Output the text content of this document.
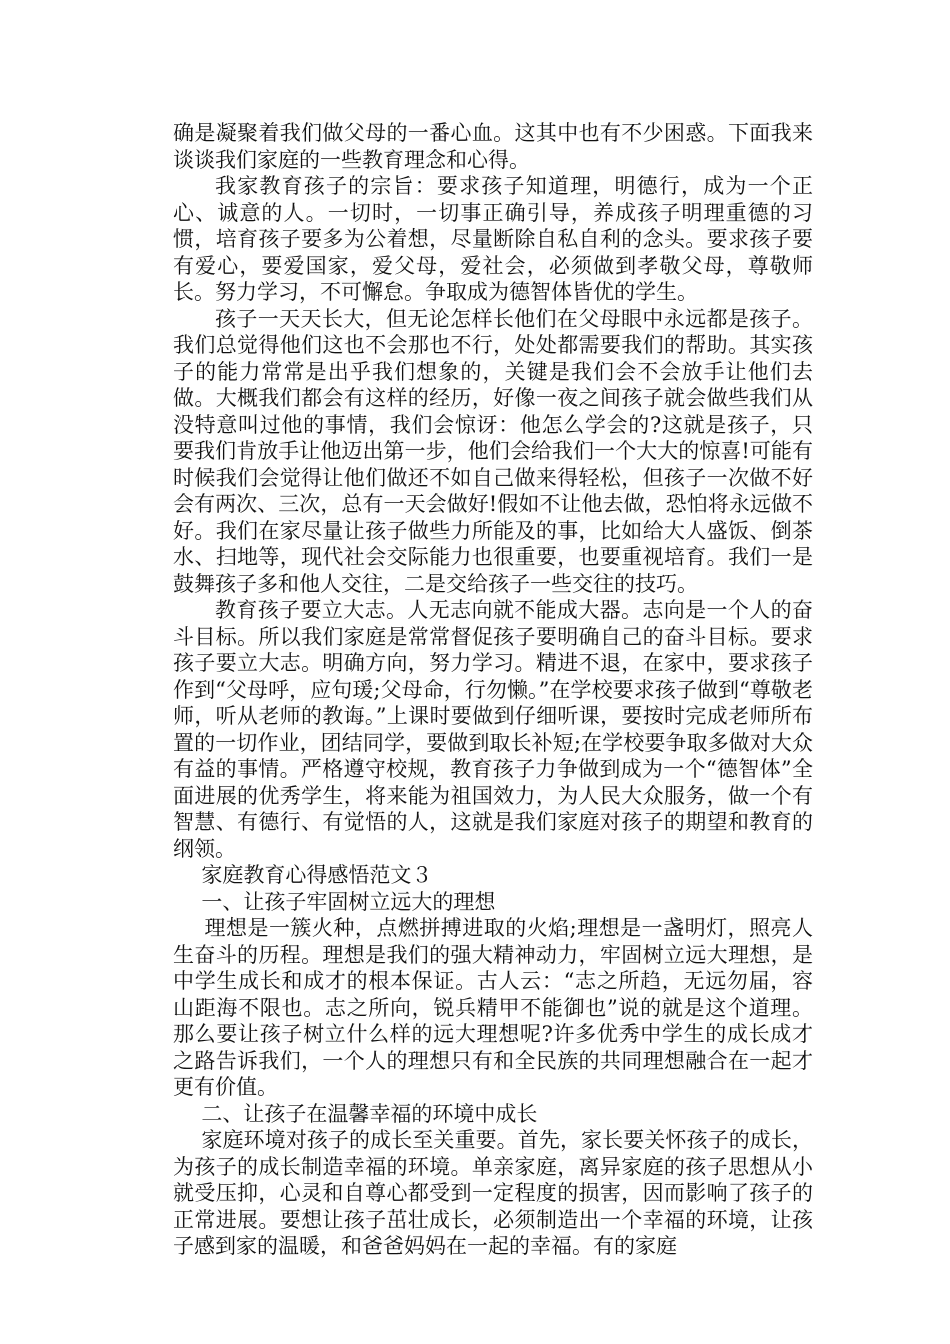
确是凝聚着我们做父母的一番心血。这其中也有不少困惑。下面我来谈谈我们家庭的一些教育理念和心得。

我家教育孩子的宗旨：要求孩子知道理，明德行，成为一个正心、诚意的人。一切时，一切事正确引导，养成孩子明理重德的习惯，培育孩子要多为公着想，尽量断除自私自利的念头。要求孩子要有爱心，要爱国家，爱父母，爱社会，必须做到孝敬父母，尊敬师长。努力学习，不可懈怠。争取成为德智体皆优的学生。

孩子一天天长大，但无论怎样长他们在父母眼中永远都是孩子。我们总觉得他们这也不会那也不行，处处都需要我们的帮助。其实孩子的能力常常是出乎我们想象的，关键是我们会不会放手让他们去做。大概我们都会有这样的经历，好像一夜之间孩子就会做些我们从没特意叫过他的事情，我们会惊讶：他怎么学会的?这就是孩子，只要我们肯放手让他迈出第一步，他们会给我们一个大大的惊喜!可能有时候我们会觉得让他们做还不如自己做来得轻松，但孩子一次做不好会有两次、三次，总有一天会做好!假如不让他去做，恐怕将永远做不好。我们在家尽量让孩子做些力所能及的事，比如给大人盛饭、倒茶水、扫地等，现代社会交际能力也很重要，也要重视培育。我们一是鼓舞孩子多和他人交往，二是交给孩子一些交往的技巧。

教育孩子要立大志。人无志向就不能成大器。志向是一个人的奋斗目标。所以我们家庭是常常督促孩子要明确自己的奋斗目标。要求孩子要立大志。明确方向，努力学习。精进不退，在家中，要求孩子作到“父母呼，应句瑗;父母命，行勿懒。”在学校要求孩子做到“尊敬老师，听从老师的教诲。”上课时要做到仔细听课，要按时完成老师所布置的一切作业，团结同学，要做到取长补短;在学校要争取多做对大众有益的事情。严格遵守校规，教育孩子力争做到成为一个“德智体”全面进展的优秀学生，将来能为祖国效力，为人民大众服务，做一个有智慧、有德行、有觉悟的人，这就是我们家庭对孩子的期望和教育的纲领。

家庭教育心得感悟范文３

一、让孩子牢固树立远大的理想

理想是一簇火种，点燃拼搏进取的火焰;理想是一盏明灯，照亮人生奋斗的历程。理想是我们的强大精神动力，牢固树立远大理想，是中学生成长和成才的根本保证。古人云：“志之所趋，无远勿届，容山距海不限也。志之所向，锐兵精甲不能御也”说的就是这个道理。那么要让孩子树立什么样的远大理想呢?许多优秀中学生的成长成才之路告诉我们，一个人的理想只有和全民族的共同理想融合在一起才更有价值。

二、让孩子在温馨幸福的环境中成长

家庭环境对孩子的成长至关重要。首先，家长要关怀孩子的成长，为孩子的成长制造幸福的环境。单亲家庭，离异家庭的孩子思想从小就受压抑，心灵和自尊心都受到一定程度的损害，因而影响了孩子的正常进展。要想让孩子茁壮成长，必须制造出一个幸福的环境，让孩子感到家的温暖，和爸爸妈妈在一起的幸福。有的家庭
